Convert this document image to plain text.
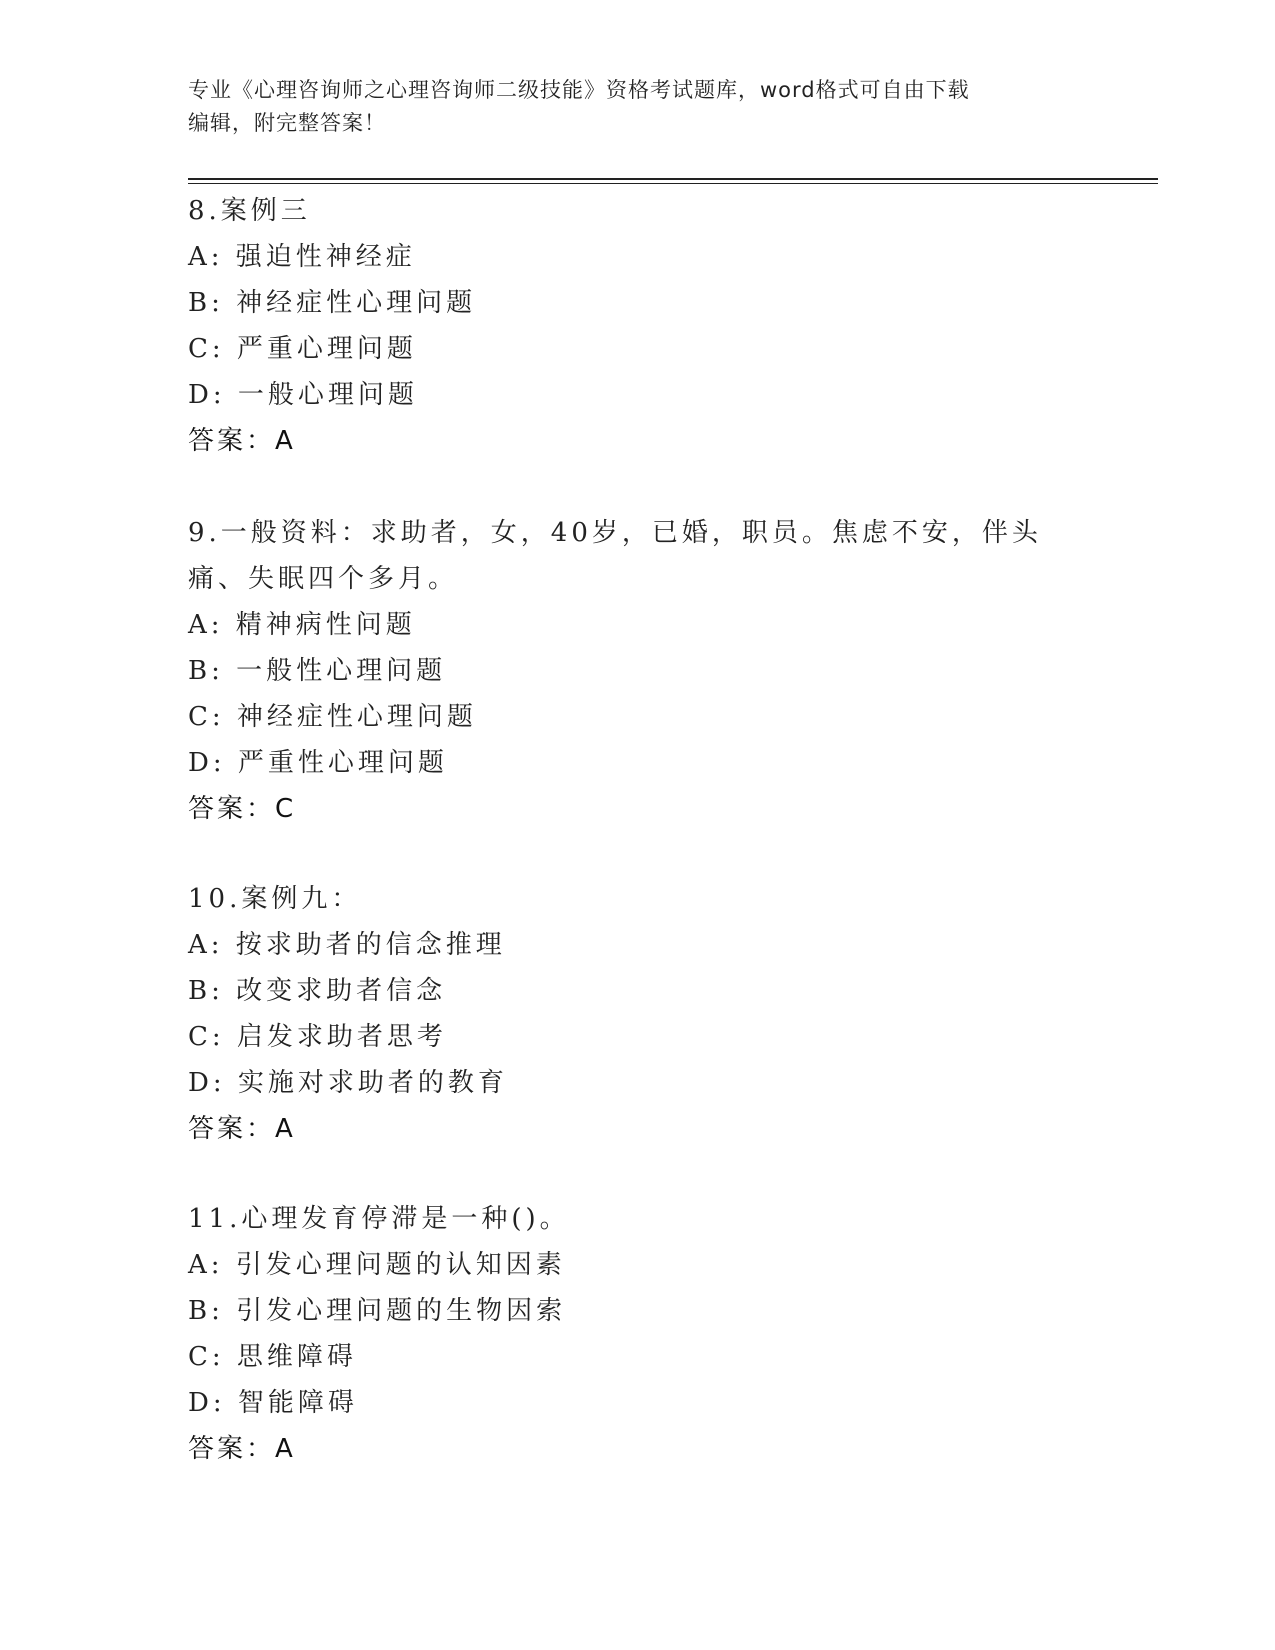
专业《心理咨询师之心理咨询师二级技能》资格考试题库，word格式可自由下载
编辑，附完整答案！
8.案例三
A: 强迫性神经症
B: 神经症性心理问题
C: 严重心理问题
D: 一般心理问题
答案：A
9.一般资料：求助者，女，40岁，已婚，职员。焦虑不安，伴头痛、失眠四个多月。
A: 精神病性问题
B: 一般性心理问题
C: 神经症性心理问题
D: 严重性心理问题
答案：C
10.案例九：
A: 按求助者的信念推理
B: 改变求助者信念
C: 启发求助者思考
D: 实施对求助者的教育
答案：A
11.心理发育停滞是一种()。
A: 引发心理问题的认知因素
B: 引发心理问题的生物因索
C: 思维障碍
D: 智能障碍
答案：A
